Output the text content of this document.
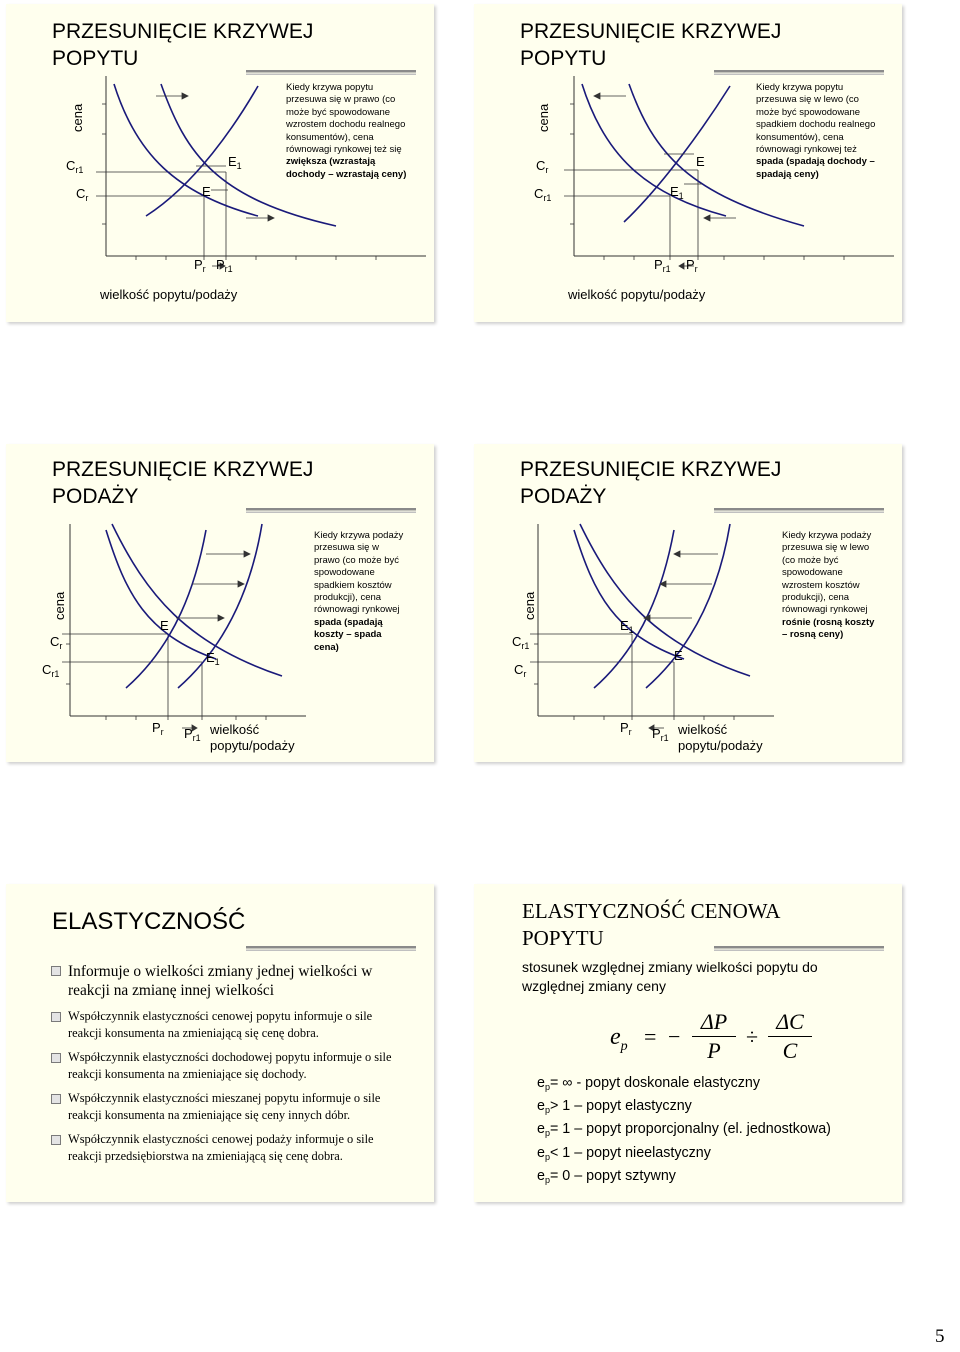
PRZESUNIĘCIE KRZYWEJ POPYTU
cena
$C_{r1}$
$C_r$	E
$E_1$
$P_r$ $P_{r1}$
wielkość popytu/podaży
Kiedy krzywa popytu
przesuwa się w prawo (co
może być spowodowane
wzrostem dochodu realnego
konsumentów), cena
równowagi rynkowej też się
zwiększa (wzrastają
dochody – wzrastają ceny)
PRZESUNIĘCIE KRZYWEJ POPYTU
cena
$C_r$
$C_{r1}$
E
$E_1$
$P_{r1}$ $P_r$
wielkość popytu/podaży
Kiedy krzywa popytu
przesuwa się w lewo (co
może być spowodowane
spadkiem dochodu realnego
konsumentów), cena
równowagi rynkowej też
spada (spadają dochody –
spadają ceny)
PRZESUNIĘCIE KRZYWEJ PODAŻY
cena
$C_r$
$C_{r1}$
E
$E_1$
$P_r$ $P_{r1}$
wielkość
popytu/podaży
Kiedy krzywa podaży
przesuwa się w
prawo (co może być
spowodowane
spadkiem kosztów
produkcji), cena
równowagi rynkowej
spada (spadają
koszty – spada
cena)
PRZESUNIĘCIE KRZYWEJ PODAŻY
cena
$C_{r1}$
$C_r$
$E_1$
E
$P_r$ $P_{r1}$
wielkość
popytu/podaży
Kiedy krzywa podaży
przesuwa się w lewo
(co może być
spowodowane
wzrostem kosztów
produkcji), cena
równowagi rynkowej
rośnie (rosną koszty
– rosną ceny)
ELASTYCZNOŚĆ
Informuje o wielkości zmiany jednej wielkości w reakcji na zmianę innej wielkości
Współczynnik elastyczności cenowej popytu informuje o sile reakcji konsumenta na zmieniającą się cenę dobra.
Współczynnik elastyczności dochodowej popytu informuje o sile reakcji konsumenta na zmieniające się dochody.
Współczynnik elastyczności mieszanej popytu informuje o sile reakcji konsumenta na zmieniające się ceny innych dóbr.
Współczynnik elastyczności cenowej podaży informuje o sile reakcji przedsiębiorstwa na zmieniającą się cenę dobra.
ELASTYCZNOŚĆ CENOWA
POPYTU
stosunek względnej zmiany wielkości popytu do
względnej zmiany ceny
$e_p$ = −
ΔP
P
÷
ΔC
C
$e_p=$ ∞ - popyt doskonale elastyczny
$e_p> 1$ – popyt elastyczny
$e_p= 1$ – popyt proporcjonalny (el. jednostkowa)
$e_p< 1$ – popyt nieelastyczny
$e_p= 0$ – popyt sztywny
5
